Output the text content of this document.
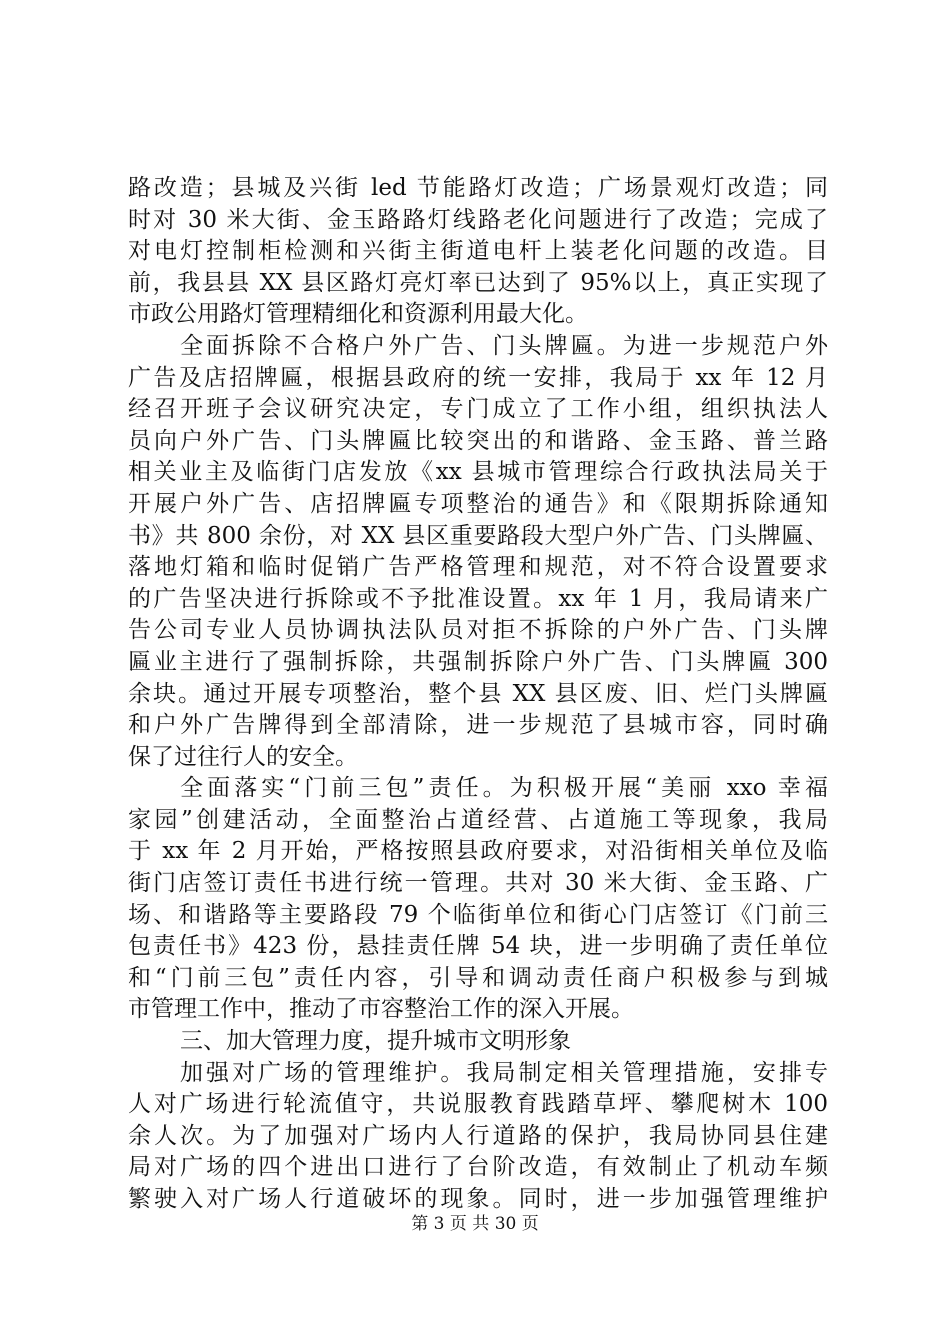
路改造；县城及兴街 led 节能路灯改造；广场景观灯改造；同
时对 30 米大街、金玉路路灯线路老化问题进行了改造；完成了
对电灯控制柜检测和兴街主街道电杆上装老化问题的改造。目
前，我县县 XX 县区路灯亮灯率已达到了 95%以上，真正实现了
市政公用路灯管理精细化和资源利用最大化。
全面拆除不合格户外广告、门头牌匾。为进一步规范户外
广告及店招牌匾，根据县政府的统一安排，我局于 xx 年 12 月
经召开班子会议研究决定，专门成立了工作小组，组织执法人
员向户外广告、门头牌匾比较突出的和谐路、金玉路、普兰路
相关业主及临街门店发放《xx 县城市管理综合行政执法局关于
开展户外广告、店招牌匾专项整治的通告》和《限期拆除通知
书》共 800 余份，对 XX 县区重要路段大型户外广告、门头牌匾、
落地灯箱和临时促销广告严格管理和规范，对不符合设置要求
的广告坚决进行拆除或不予批准设置。xx 年 1 月，我局请来广
告公司专业人员协调执法队员对拒不拆除的户外广告、门头牌
匾业主进行了强制拆除，共强制拆除户外广告、门头牌匾 300
余块。通过开展专项整治，整个县 XX 县区废、旧、烂门头牌匾
和户外广告牌得到全部清除，进一步规范了县城市容，同时确
保了过往行人的安全。
全面落实“门前三包”责任。为积极开展“美丽 xxo 幸福
家园”创建活动，全面整治占道经营、占道施工等现象，我局
于 xx 年 2 月开始，严格按照县政府要求，对沿街相关单位及临
街门店签订责任书进行统一管理。共对 30 米大街、金玉路、广
场、和谐路等主要路段 79 个临街单位和街心门店签订《门前三
包责任书》423 份，悬挂责任牌 54 块，进一步明确了责任单位
和“门前三包”责任内容，引导和调动责任商户积极参与到城
市管理工作中，推动了市容整治工作的深入开展。
三、加大管理力度，提升城市文明形象
加强对广场的管理维护。我局制定相关管理措施，安排专
人对广场进行轮流值守，共说服教育践踏草坪、攀爬树木 100
余人次。为了加强对广场内人行道路的保护，我局协同县住建
局对广场的四个进出口进行了台阶改造，有效制止了机动车频
繁驶入对广场人行道破坏的现象。同时，进一步加强管理维护
第 3 页 共 30 页
